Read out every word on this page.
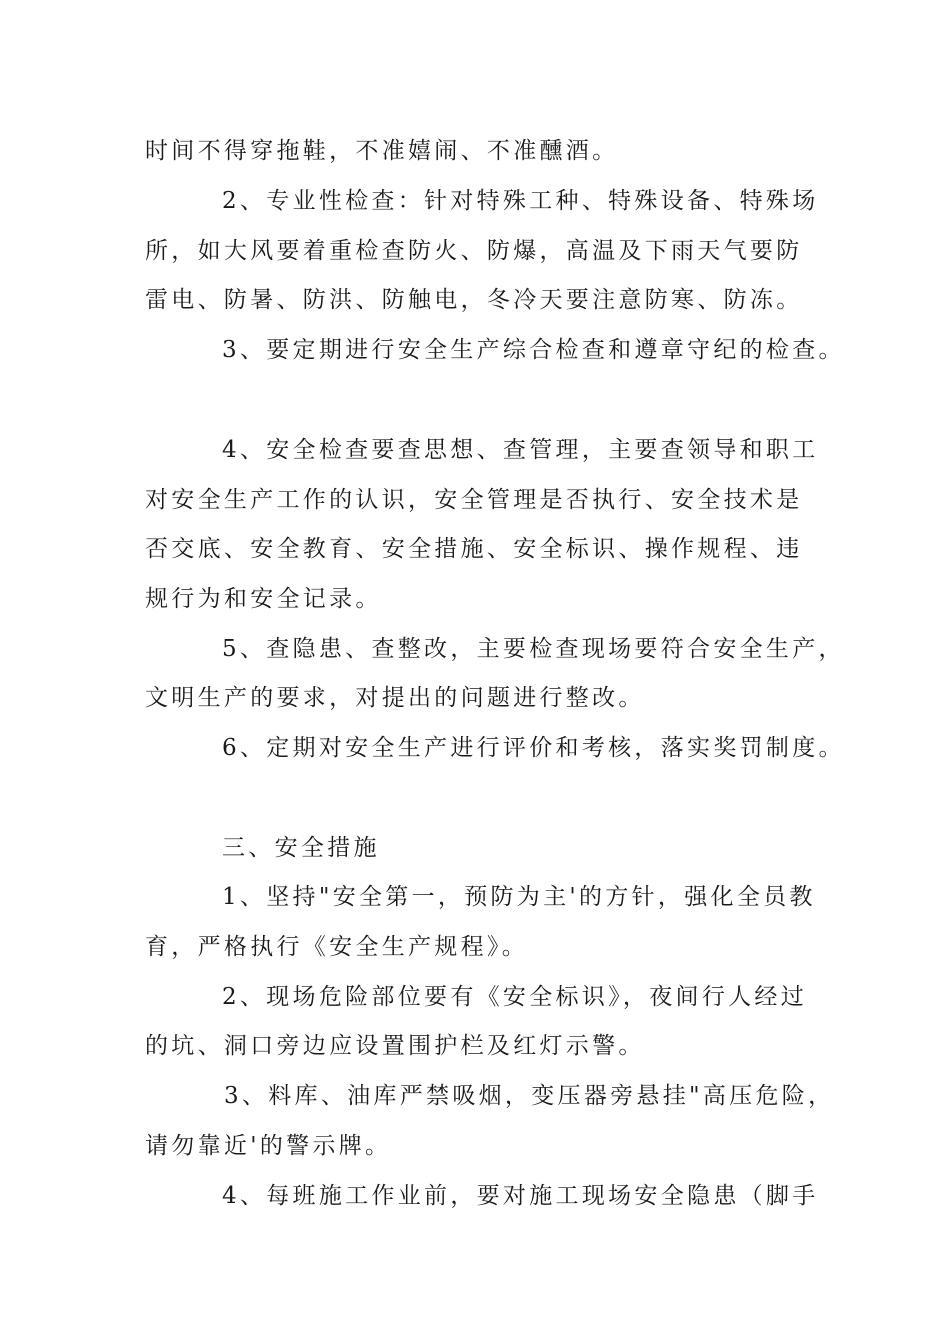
时间不得穿拖鞋，不准嬉闹、不准醺酒。
2、专业性检查：针对特殊工种、特殊设备、特殊场
所，如大风要着重检查防火、防爆，高温及下雨天气要防
雷电、防暑、防洪、防触电，冬冷天要注意防寒、防冻。
3、要定期进行安全生产综合检查和遵章守纪的检查。
4、安全检查要查思想、查管理，主要查领导和职工
对安全生产工作的认识，安全管理是否执行、安全技术是
否交底、安全教育、安全措施、安全标识、操作规程、违
规行为和安全记录。
5、查隐患、查整改，主要检查现场要符合安全生产，
文明生产的要求，对提出的问题进行整改。
6、定期对安全生产进行评价和考核，落实奖罚制度。
三、安全措施
1、坚持"安全第一，预防为主'的方针，强化全员教
育，严格执行《安全生产规程》。
2、现场危险部位要有《安全标识》，夜间行人经过
的坑、洞口旁边应设置围护栏及红灯示警。
3、料库、油库严禁吸烟，变压器旁悬挂"高压危险，
请勿靠近'的警示牌。
4、每班施工作业前，要对施工现场安全隐患（脚手
